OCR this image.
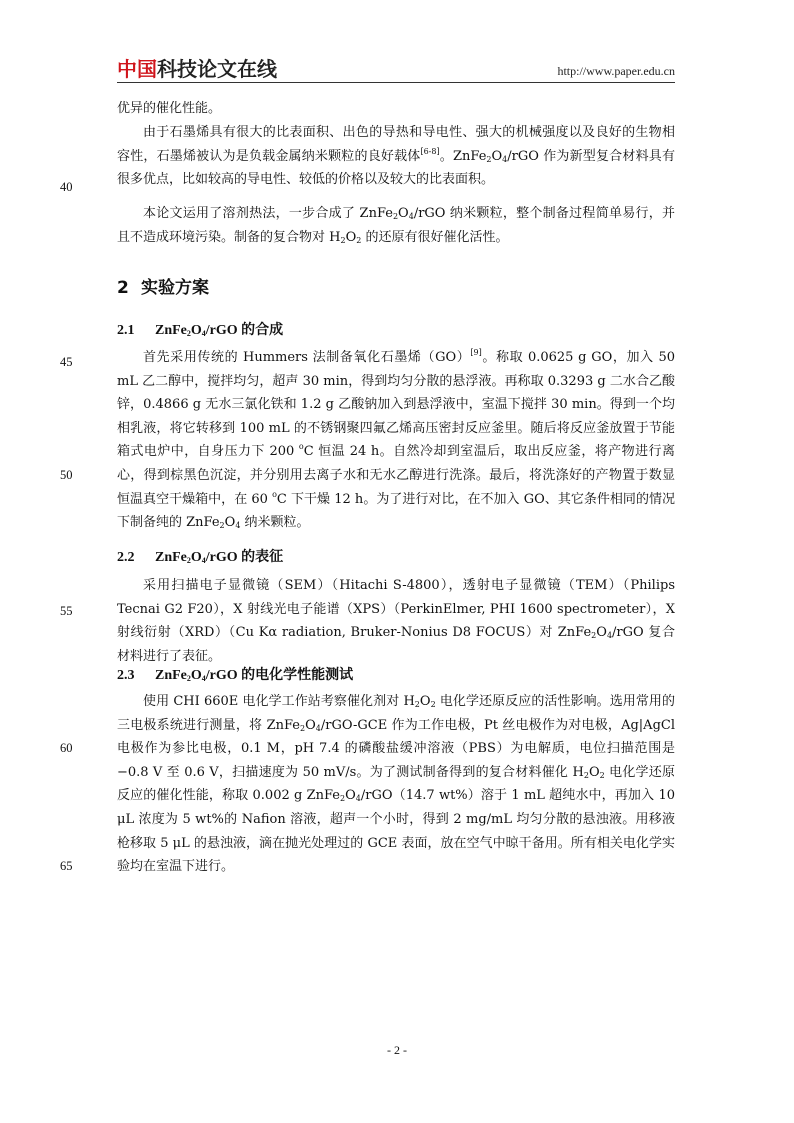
中国科技论文在线	http://www.paper.edu.cn
40
45
50
55
60
65
优异的催化性能。
由于石墨烯具有很大的比表面积、出色的导热和导电性、强大的机械强度以及良好的生物相容性，石墨烯被认为是负载金属纳米颗粒的良好载体[6-8]。$ZnFe_2O_4$/rGO 作为新型复合材料具有很多优点，比如较高的导电性、较低的价格以及较大的比表面积。
本论文运用了溶剂热法，一步合成了 $ZnFe_2O_4$/rGO 纳米颗粒，整个制备过程简单易行，并且不造成环境污染。制备的复合物对 $H_2O_2$ 的还原有很好催化活性。
2 实验方案
2.1 $ZnFe_2O_4$/rGO 的合成
首先采用传统的 Hummers 法制备氧化石墨烯（GO）[9]。称取 0.0625 g GO，加入 50 mL 乙二醇中，搅拌均匀，超声 30 min，得到均匀分散的悬浮液。再称取 0.3293 g 二水合乙酸锌，0.4866 g 无水三氯化铁和 1.2 g 乙酸钠加入到悬浮液中，室温下搅拌 30 min。得到一个均相乳液，将它转移到 100 mL 的不锈钢聚四氟乙烯高压密封反应釜里。随后将反应釜放置于节能箱式电炉中，自身压力下 200 $^o$C 恒温 24 h。自然冷却到室温后，取出反应釜，将产物进行离心，得到棕黑色沉淀，并分别用去离子水和无水乙醇进行洗涤。最后，将洗涤好的产物置于数显恒温真空干燥箱中，在 60 $^o$C 下干燥 12 h。为了进行对比，在不加入 GO、其它条件相同的情况下制备纯的 $ZnFe_2O_4$ 纳米颗粒。
2.2 $ZnFe_2O_4$/rGO 的表征
采用扫描电子显微镜（SEM）（Hitachi S-4800），透射电子显微镜（TEM）（Philips Tecnai G2 F20），X 射线光电子能谱（XPS）（PerkinElmer, PHI 1600 spectrometer），X 射线衍射（XRD）（Cu Kα radiation, Bruker-Nonius D8 FOCUS）对 $ZnFe_2O_4$/rGO 复合材料进行了表征。
2.3 $ZnFe_2O_4$/rGO 的电化学性能测试
使用 CHI 660E 电化学工作站考察催化剂对 $H_2O_2$ 电化学还原反应的活性影响。选用常用的三电极系统进行测量，将 $ZnFe_2O_4/rGO$-GCE 作为工作电极，Pt 丝电极作为对电极，Ag|AgCl 电极作为参比电极，0.1 M，pH 7.4 的磷酸盐缓冲溶液（PBS）为电解质，电位扫描范围是−0.8 V 至 0.6 V，扫描速度为 50 mV/s。为了测试制备得到的复合材料催化 $H_2O_2$ 电化学还原反应的催化性能，称取 0.002 g $ZnFe_2O_4/rGO(14.7$ wt%）溶于 1 mL 超纯水中，再加入 10 μL 浓度为 5 wt%的 Nafion 溶液，超声一个小时，得到 2 mg/mL 均匀分散的悬浊液。用移液枪移取 5 μL 的悬浊液，滴在抛光处理过的 GCE 表面，放在空气中晾干备用。所有相关电化学实验均在室温下进行。
- 2 -
